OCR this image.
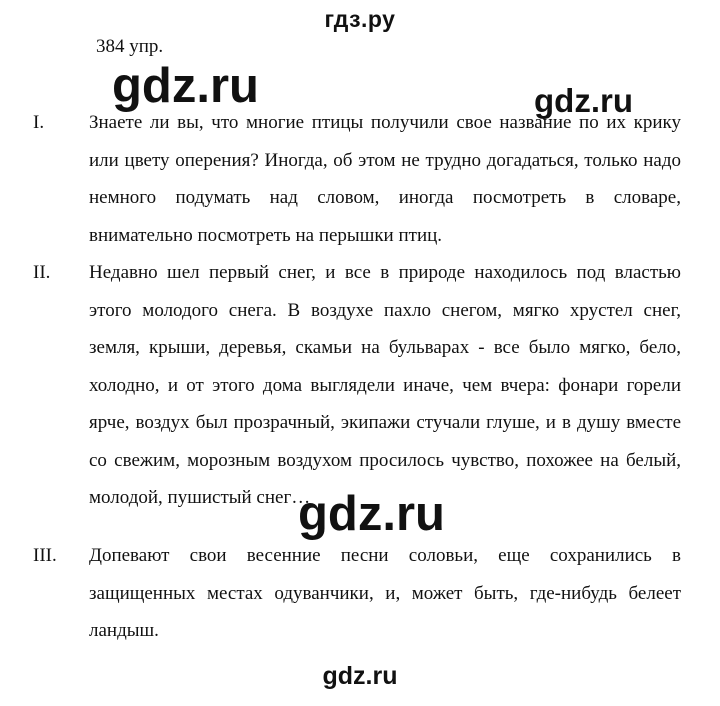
гдз.ру
384 упр.
I. Знаете ли вы, что многие птицы получили свое название по их крику или цвету оперения? Иногда, об этом не трудно догадаться, только надо немного подумать над словом, иногда посмотреть в словаре, внимательно посмотреть на перышки птиц.

II. Недавно шел первый снег, и все в природе находилось под властью этого молодого снега. В воздухе пахло снегом, мягко хрустел снег, земля, крыши, деревья, скамьи на бульварах - все было мягко, бело, холодно, и от этого дома выглядели иначе, чем вчера: фонари горели ярче, воздух был прозрачный, экипажи стучали глуше, и в душу вместе со свежим, морозным воздухом просилось чувство, похожее на белый, молодой, пушистый снег…

III. Допевают свои весенние песни соловьи, еще сохранились в защищенных местах одуванчики, и, может быть, где-нибудь белеет ландыш.

gdz.ru	gdz.ru
gdz.ru
gdz.ru
